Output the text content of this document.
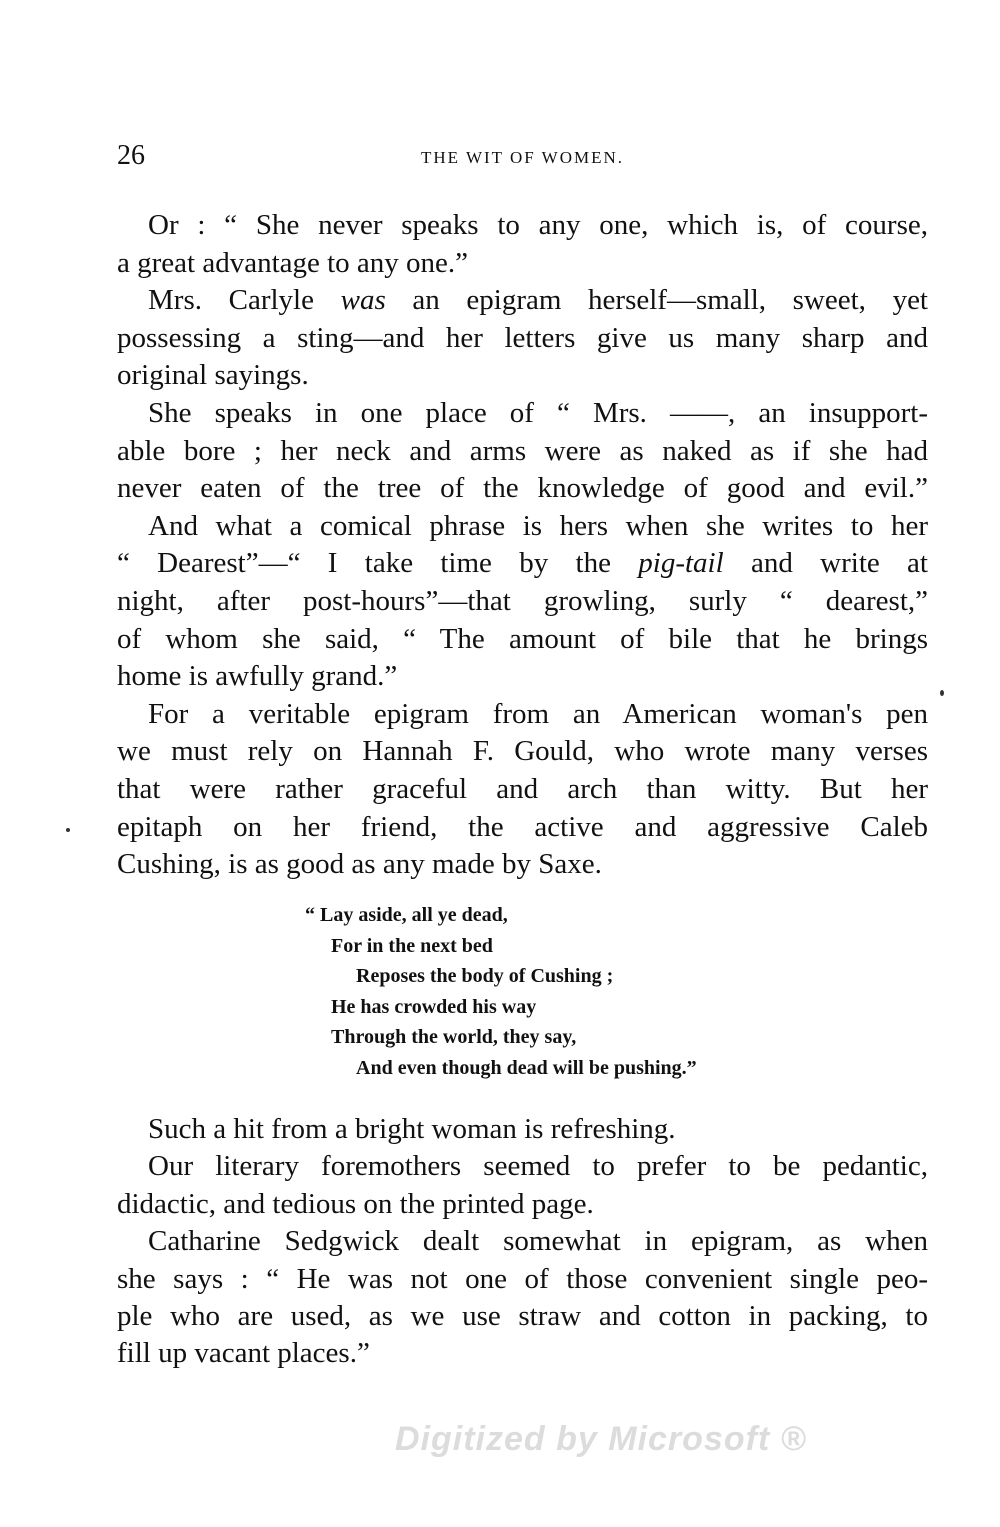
26	THE WIT OF WOMEN.
Or : “ She never speaks to any one, which is, of course,
a great advantage to any one.”
Mrs. Carlyle was an epigram herself—small, sweet, yet
possessing a sting—and her letters give us many sharp and
original sayings.
She speaks in one place of “ Mrs. ——, an insupport-
able bore ; her neck and arms were as naked as if she had
never eaten of the tree of the knowledge of good and evil.”
And what a comical phrase is hers when she writes to her
“ Dearest”—“ I take time by the pig-tail and write at
night, after post-hours”—that growling, surly “ dearest,”
of whom she said, “ The amount of bile that he brings
home is awfully grand.”
For a veritable epigram from an American woman's pen
we must rely on Hannah F. Gould, who wrote many verses
that were rather graceful and arch than witty. But her
epitaph on her friend, the active and aggressive Caleb
Cushing, is as good as any made by Saxe.
“ Lay aside, all ye dead,
For in the next bed
Reposes the body of Cushing ;
He has crowded his way
Through the world, they say,
And even though dead will be pushing.”
Such a hit from a bright woman is refreshing.
Our literary foremothers seemed to prefer to be pedantic,
didactic, and tedious on the printed page.
Catharine Sedgwick dealt somewhat in epigram, as when
she says : “ He was not one of those convenient single peo-
ple who are used, as we use straw and cotton in packing, to
fill up vacant places.”
Digitized by Microsoft ®
